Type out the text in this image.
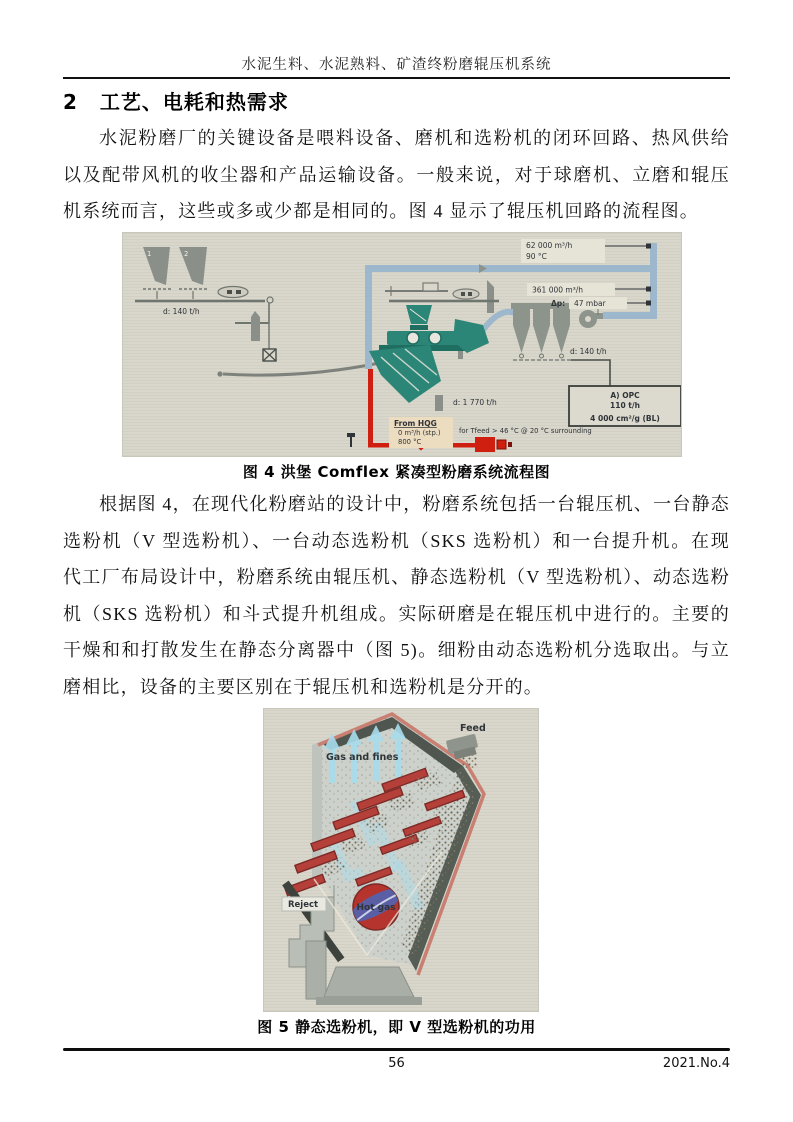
水泥生料、水泥熟料、矿渣终粉磨辊压机系统
2 工艺、电耗和热需求

水泥粉磨厂的关键设备是喂料设备、磨机和选粉机的闭环回路、热风供给以及配带风机的收尘器和产品运输设备。一般来说，对于球磨机、立磨和辊压机系统而言，这些或多或少都是相同的。图 4 显示了辊压机回路的流程图。

1	2
d: 140 t/h
d: 1 770 t/h
d: 140 t/h
A) OPC
110 t/h
4 000 cm²/g (BL)
62 000 m³/h
90 °C
361 000 m³/h
Δp: 47 mbar
From HQG
0 m³/h (stp.)
800 °C
for Tfeed > 46 °C @ 20 °C surrounding

图 4 洪堡 Comflex 紧凑型粉磨系统流程图

根据图 4，在现代化粉磨站的设计中，粉磨系统包括一台辊压机、一台静态选粉机（V 型选粉机）、一台动态选粉机（SKS 选粉机）和一台提升机。在现代工厂布局设计中，粉磨系统由辊压机、静态选粉机（V 型选粉机）、动态选粉机（SKS 选粉机）和斗式提升机组成。实际研磨是在辊压机中进行的。主要的干燥和和打散发生在静态分离器中（图 5)。细粉由动态选粉机分选取出。与立磨相比，设备的主要区别在于辊压机和选粉机是分开的。

Hot gas
Gas and fines
Feed
Reject

图 5 静态选粉机，即 V 型选粉机的功用

56	2021.No.4
